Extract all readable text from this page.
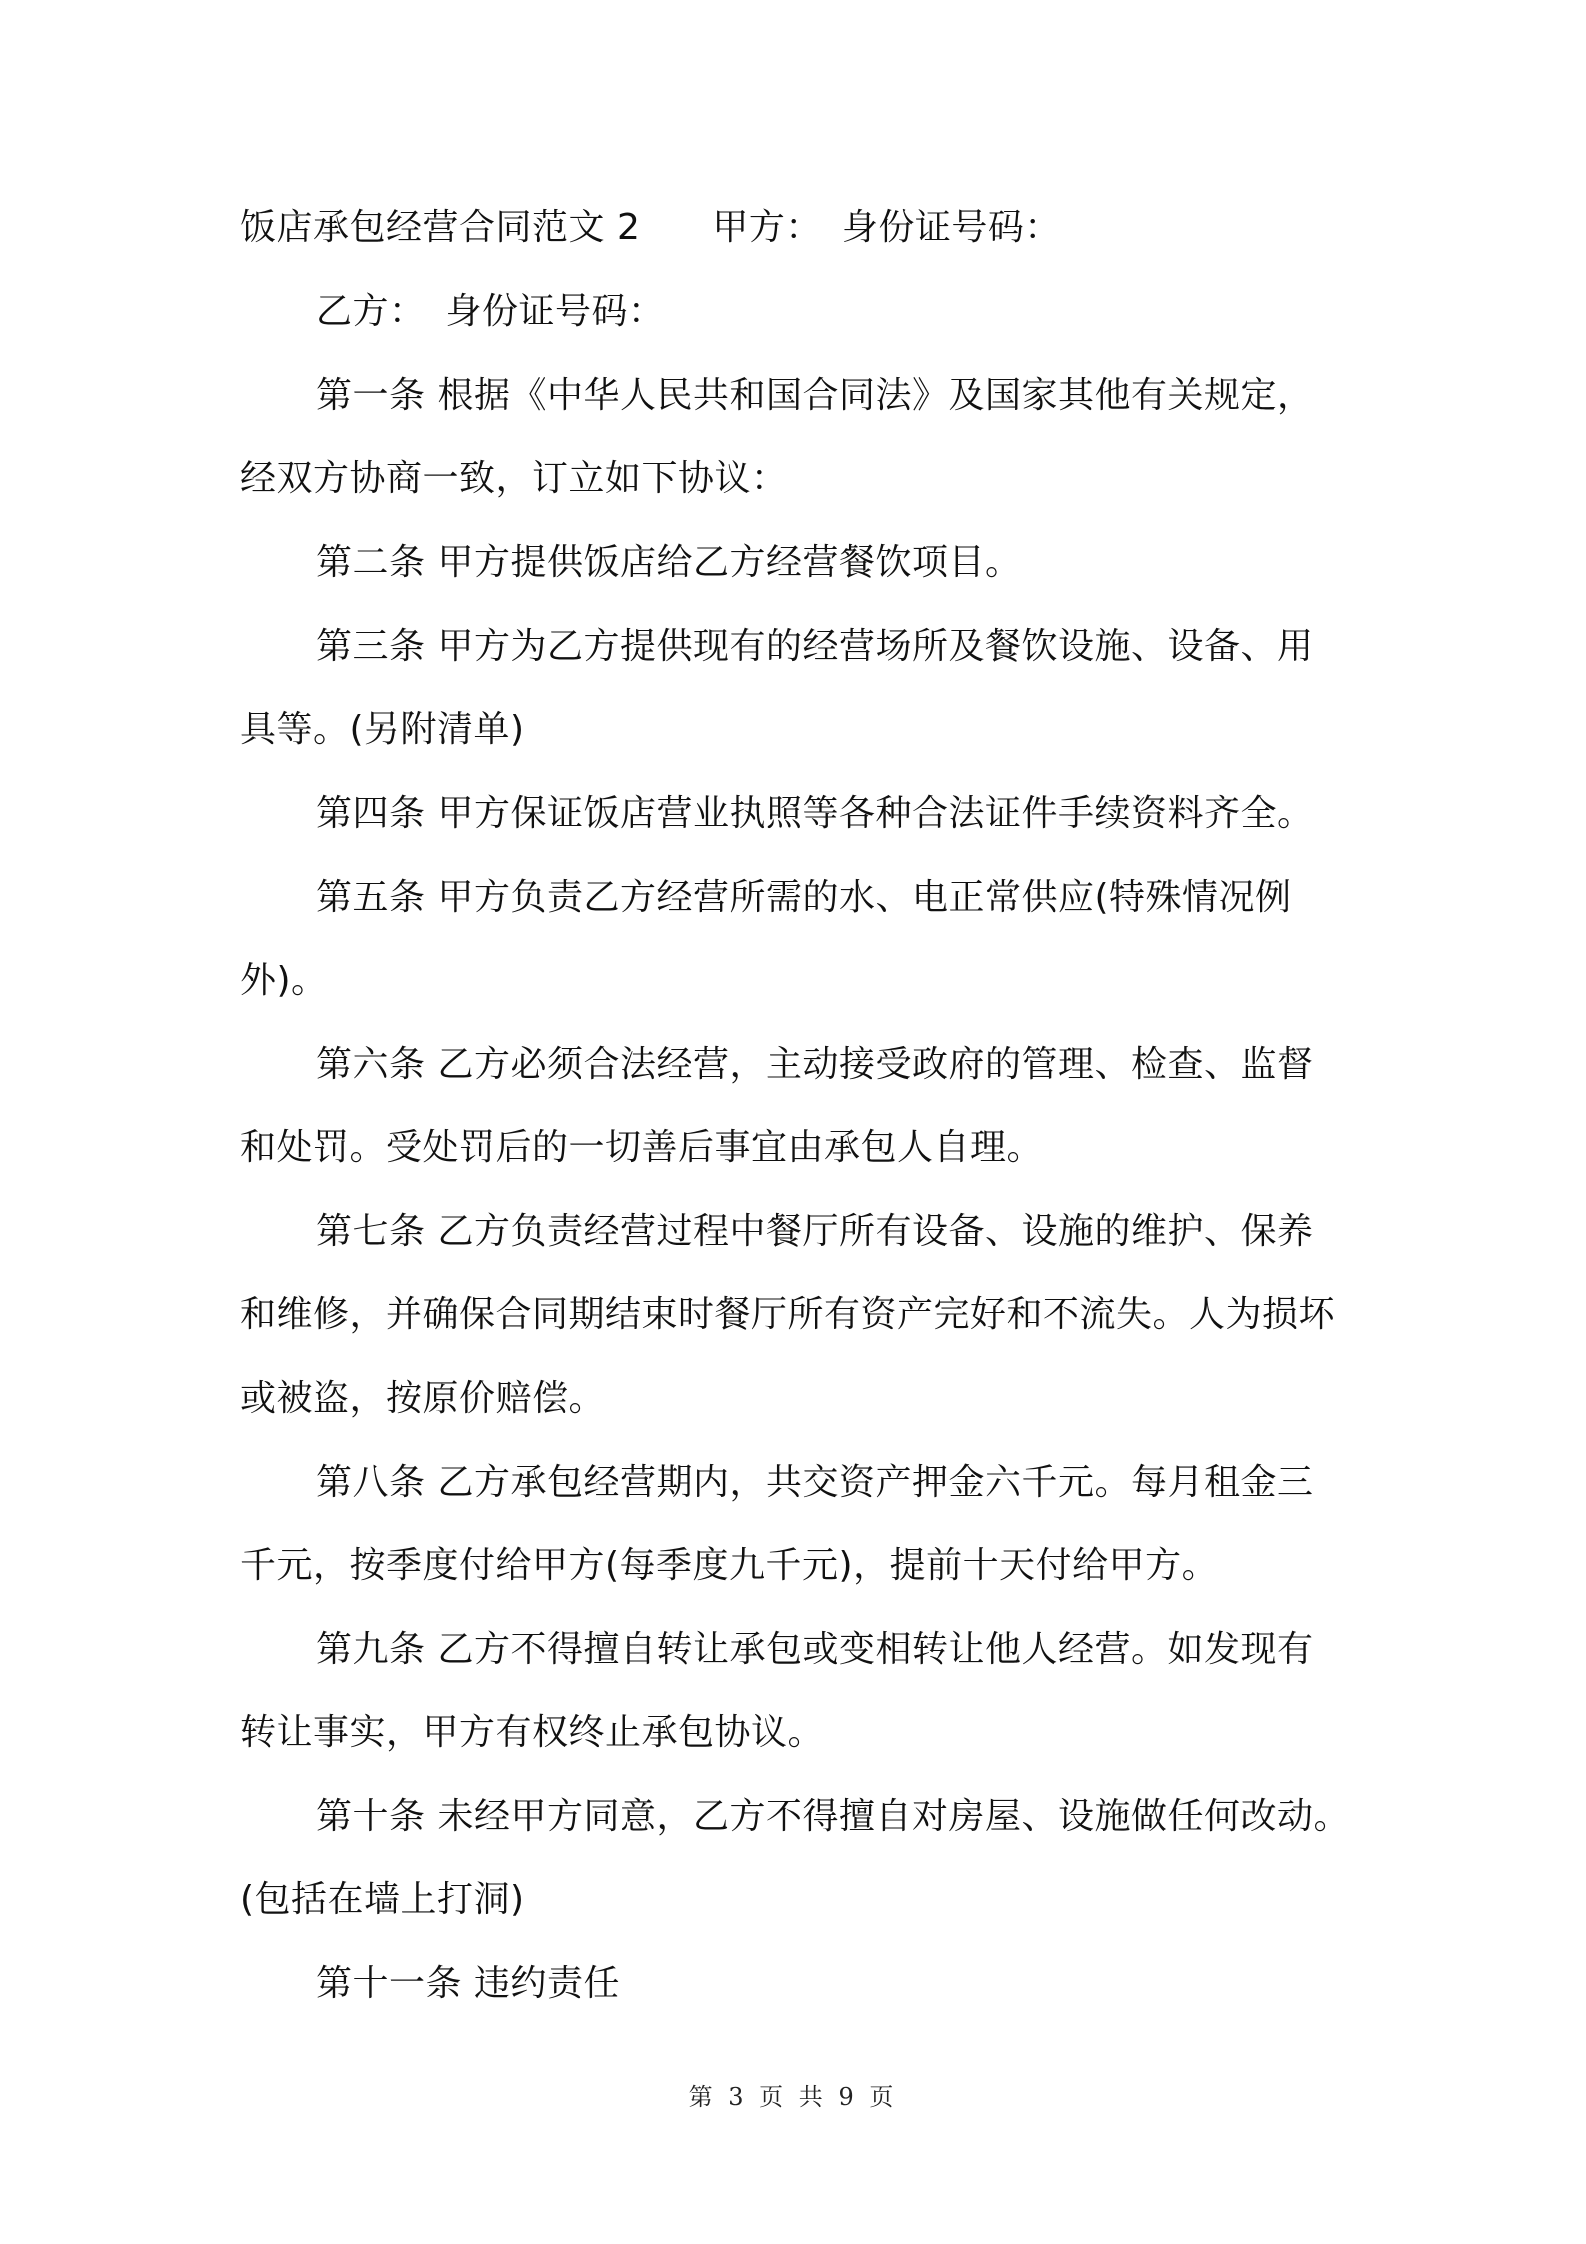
饭店承包经营合同范文 2 甲方： 身份证号码：
乙方： 身份证号码：
第一条 根据《中华人民共和国合同法》及国家其他有关规定，
经双方协商一致，订立如下协议：
第二条 甲方提供饭店给乙方经营餐饮项目。
第三条 甲方为乙方提供现有的经营场所及餐饮设施、设备、用
具等。(另附清单)
第四条 甲方保证饭店营业执照等各种合法证件手续资料齐全。
第五条 甲方负责乙方经营所需的水、电正常供应(特殊情况例
外)。
第六条 乙方必须合法经营，主动接受政府的管理、检查、监督
和处罚。受处罚后的一切善后事宜由承包人自理。
第七条 乙方负责经营过程中餐厅所有设备、设施的维护、保养
和维修，并确保合同期结束时餐厅所有资产完好和不流失。人为损坏
或被盗，按原价赔偿。
第八条 乙方承包经营期内，共交资产押金六千元。每月租金三
千元，按季度付给甲方(每季度九千元)，提前十天付给甲方。
第九条 乙方不得擅自转让承包或变相转让他人经营。如发现有
转让事实，甲方有权终止承包协议。
第十条 未经甲方同意，乙方不得擅自对房屋、设施做任何改动。
(包括在墙上打洞)
第十一条 违约责任
第 3 页 共 9 页
